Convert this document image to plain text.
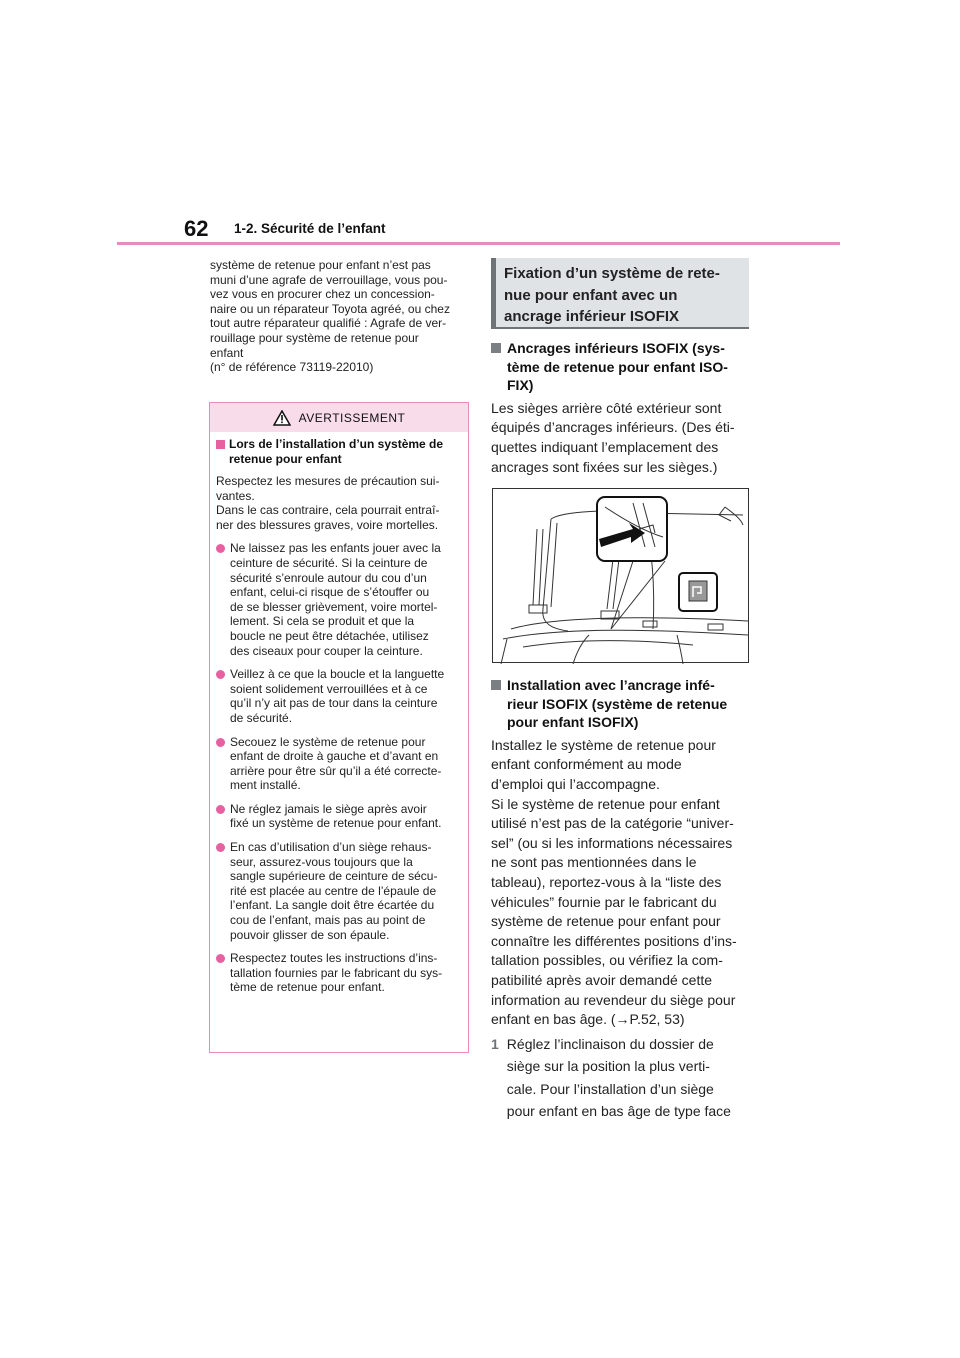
62 1-2. Sécurité de l’enfant
système de retenue pour enfant n’est pas
muni d’une agrafe de verrouillage, vous pou-
vez vous en procurer chez un concession-
naire ou un réparateur Toyota agréé, ou chez
tout autre réparateur qualifié : Agrafe de ver-
rouillage pour système de retenue pour
enfant
(n° de référence 73119-22010)
AVERTISSEMENT
Lors de l’installation d’un système de
retenue pour enfant
Respectez les mesures de précaution sui-
vantes.
Dans le cas contraire, cela pourrait entraî-
ner des blessures graves, voire mortelles.
Ne laissez pas les enfants jouer avec la
ceinture de sécurité. Si la ceinture de
sécurité s’enroule autour du cou d’un
enfant, celui-ci risque de s’étouffer ou
de se blesser grièvement, voire mortel-
lement. Si cela se produit et que la
boucle ne peut être détachée, utilisez
des ciseaux pour couper la ceinture.
Veillez à ce que la boucle et la languette
soient solidement verrouillées et à ce
qu’il n’y ait pas de tour dans la ceinture
de sécurité.
Secouez le système de retenue pour
enfant de droite à gauche et d’avant en
arrière pour être sûr qu’il a été correcte-
ment installé.
Ne réglez jamais le siège après avoir
fixé un système de retenue pour enfant.
En cas d’utilisation d’un siège rehaus-
seur, assurez-vous toujours que la
sangle supérieure de ceinture de sécu-
rité est placée au centre de l’épaule de
l’enfant. La sangle doit être écartée du
cou de l’enfant, mais pas au point de
pouvoir glisser de son épaule.
Respectez toutes les instructions d’ins-
tallation fournies par le fabricant du sys-
tème de retenue pour enfant.
Fixation d’un système de rete-
nue pour enfant avec un
ancrage inférieur ISOFIX
Ancrages inférieurs ISOFIX (sys-
tème de retenue pour enfant ISO-
FIX)
Les sièges arrière côté extérieur sont
équipés d’ancrages inférieurs. (Des éti-
quettes indiquant l’emplacement des
ancrages sont fixées sur les sièges.)
Installation avec l’ancrage infé-
rieur ISOFIX (système de retenue
pour enfant ISOFIX)
Installez le système de retenue pour
enfant conformément au mode
d’emploi qui l’accompagne.
Si le système de retenue pour enfant
utilisé n’est pas de la catégorie “univer-
sel” (ou si les informations nécessaires
ne sont pas mentionnées dans le
tableau), reportez-vous à la “liste des
véhicules” fournie par le fabricant du
système de retenue pour enfant pour
connaître les différentes positions d’ins-
tallation possibles, ou vérifiez la com-
patibilité après avoir demandé cette
information au revendeur du siège pour
enfant en bas âge. (→P.52, 53)
1 Réglez l’inclinaison du dossier de
siège sur la position la plus verti-
cale. Pour l’installation d’un siège
pour enfant en bas âge de type face
